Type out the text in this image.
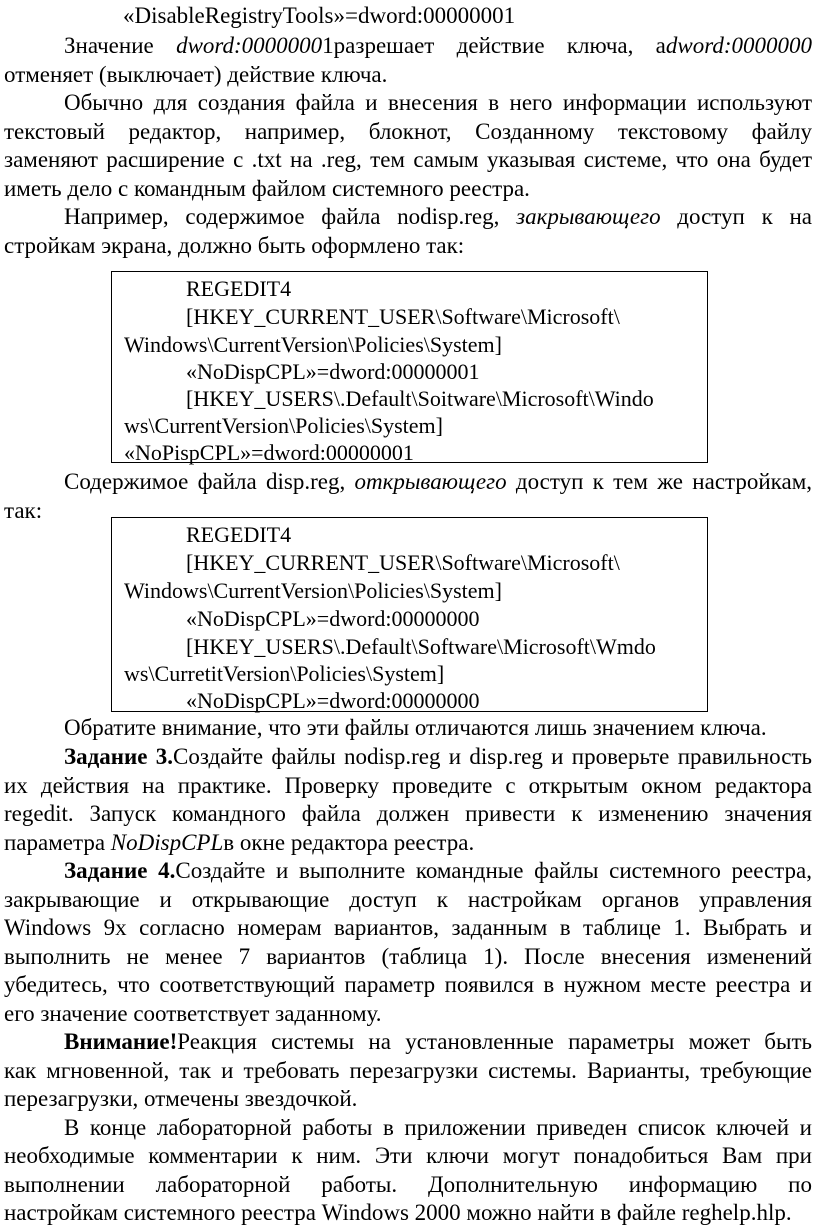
«DisableRegistryTools»=dword:00000001
Значение dword:00000001разрешает действие ключа, аdword:0000000
отменяет (выключает) действие ключа.
Обычно для создания файла и внесения в него информации используют
текстовый редактор, например, блокнот, Созданному текстовому файлу
заменяют расширение с .txt на .reg, тем самым указывая системе, что она будет
иметь дело с командным файлом системного реестра.
Например, содержимое файла nodisp.reg, закрывающего доступ к на
стройкам экрана, должно быть оформлено так:
REGEDIT4
[HKEY_CURRENT_USER\Software\Microsoft\
Windows\CurrentVersion\Policies\System]
«NoDispCPL»=dword:00000001
[HKEY_USERS\.Default\Soitware\Microsoft\Windo
ws\CurrentVersion\Policies\System]
«NoPispCPL»=dword:00000001
Содержимое файла disp.reg, открывающего доступ к тем же настройкам,
так:
REGEDIT4
[HKEY_CURRENT_USER\Software\Microsoft\
Windows\CurrentVersion\Policies\System]
«NoDispCPL»=dword:00000000
[HKEY_USERS\.Default\Software\Microsoft\Wmdo
ws\CurretitVersion\Policies\System]
«NoDispCPL»=dword:00000000
Обратите внимание, что эти файлы отличаются лишь значением ключа.
Задание 3.Создайте файлы nodisp.reg и disp.reg и проверьте правильность
их действия на практике. Проверку проведите с открытым окном редактора
regedit. Запуск командного файла должен привести к изменению значения
параметра NoDispCPLв окне редактора реестра.
Задание 4.Создайте и выполните командные файлы системного реестра,
закрывающие и открывающие доступ к настройкам органов управления
Windows 9x согласно номерам вариантов, заданным в таблице 1. Выбрать и
выполнить не менее 7 вариантов (таблица 1). После внесения изменений
убедитесь, что соответствующий параметр появился в нужном месте реестра и
его значение соответствует заданному.
Внимание!Реакция системы на установленные параметры может быть
как мгновенной, так и требовать перезагрузки системы. Варианты, требующие
перезагрузки, отмечены звездочкой.
В конце лабораторной работы в приложении приведен список ключей и
необходимые комментарии к ним. Эти ключи могут понадобиться Вам при
выполнении лабораторной работы. Дополнительную информацию по
настройкам системного реестра Windows 2000 можно найти в файле reghelp.hlp.
